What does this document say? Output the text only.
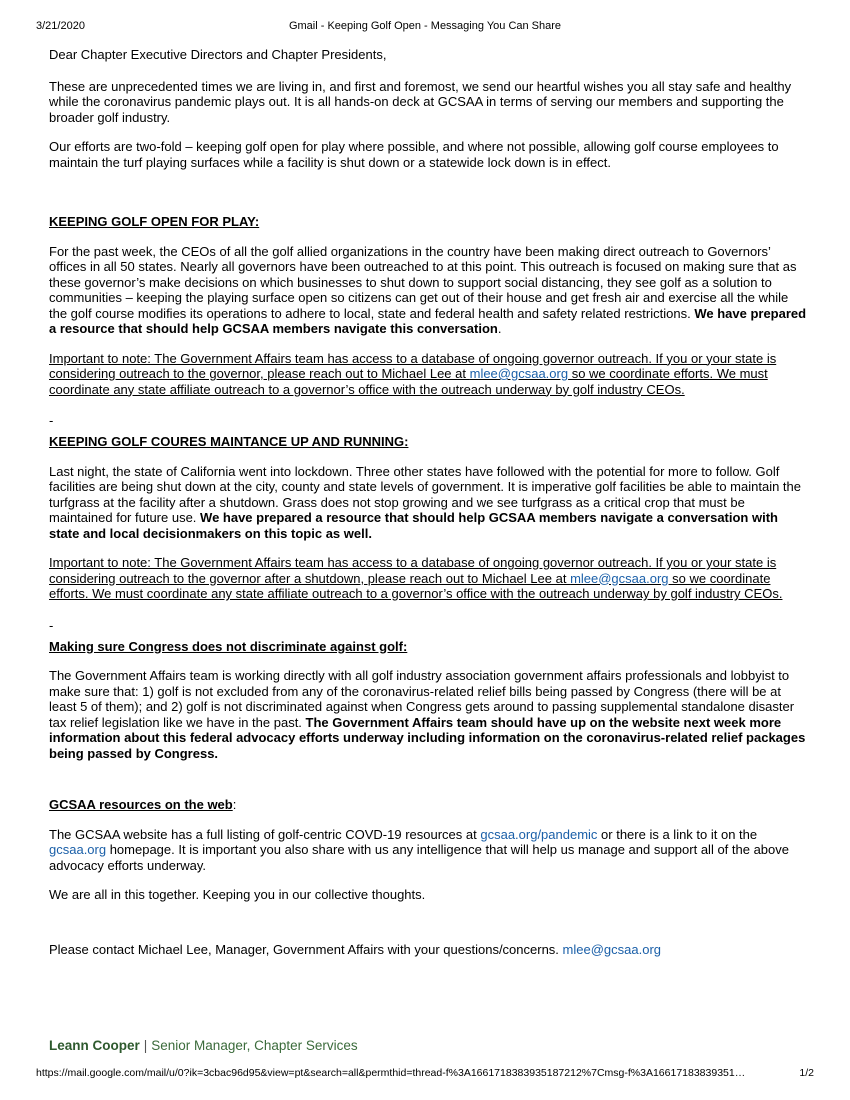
3/21/2020	Gmail - Keeping Golf Open - Messaging You Can Share

Dear Chapter Executive Directors and Chapter Presidents,

These are unprecedented times we are living in, and first and foremost, we send our heartful wishes you all stay safe and healthy while the coronavirus pandemic plays out. It is all hands-on deck at GCSAA in terms of serving our members and supporting the broader golf industry.

Our efforts are two-fold – keeping golf open for play where possible, and where not possible, allowing golf course employees to maintain the turf playing surfaces while a facility is shut down or a statewide lock down is in effect.

KEEPING GOLF OPEN FOR PLAY:

For the past week, the CEOs of all the golf allied organizations in the country have been making direct outreach to Governors’ offices in all 50 states. Nearly all governors have been outreached to at this point. This outreach is focused on making sure that as these governor’s make decisions on which businesses to shut down to support social distancing, they see golf as a solution to communities – keeping the playing surface open so citizens can get out of their house and get fresh air and exercise all the while the golf course modifies its operations to adhere to local, state and federal health and safety related restrictions. We have prepared a resource that should help GCSAA members navigate this conversation.

Important to note: The Government Affairs team has access to a database of ongoing governor outreach. If you or your state is considering outreach to the governor, please reach out to Michael Lee at mlee@gcsaa.org so we coordinate efforts. We must coordinate any state affiliate outreach to a governor’s office with the outreach underway by golf industry CEOs.

-

KEEPING GOLF COURES MAINTANCE UP AND RUNNING:

Last night, the state of California went into lockdown. Three other states have followed with the potential for more to follow. Golf facilities are being shut down at the city, county and state levels of government. It is imperative golf facilities be able to maintain the turfgrass at the facility after a shutdown. Grass does not stop growing and we see turfgrass as a critical crop that must be maintained for future use. We have prepared a resource that should help GCSAA members navigate a conversation with state and local decisionmakers on this topic as well.

Important to note: The Government Affairs team has access to a database of ongoing governor outreach. If you or your state is considering outreach to the governor after a shutdown, please reach out to Michael Lee at mlee@gcsaa.org so we coordinate efforts. We must coordinate any state affiliate outreach to a governor’s office with the outreach underway by golf industry CEOs.

-

Making sure Congress does not discriminate against golf:

The Government Affairs team is working directly with all golf industry association government affairs professionals and lobbyist to make sure that: 1) golf is not excluded from any of the coronavirus-related relief bills being passed by Congress (there will be at least 5 of them); and 2) golf is not discriminated against when Congress gets around to passing supplemental standalone disaster tax relief legislation like we have in the past. The Government Affairs team should have up on the website next week more information about this federal advocacy efforts underway including information on the coronavirus-related relief packages being passed by Congress.

GCSAA resources on the web:

The GCSAA website has a full listing of golf-centric COVD-19 resources at gcsaa.org/pandemic or there is a link to it on the gcsaa.org homepage. It is important you also share with us any intelligence that will help us manage and support all of the above advocacy efforts underway.

We are all in this together. Keeping you in our collective thoughts.

Please contact Michael Lee, Manager, Government Affairs with your questions/concerns. mlee@gcsaa.org

Leann Cooper | Senior Manager, Chapter Services
https://mail.google.com/mail/u/0?ik=3cbac96d95&view=pt&search=all&permthid=thread-f%3A1661718383935187212%7Cmsg-f%3A16617183839351…	1/2
